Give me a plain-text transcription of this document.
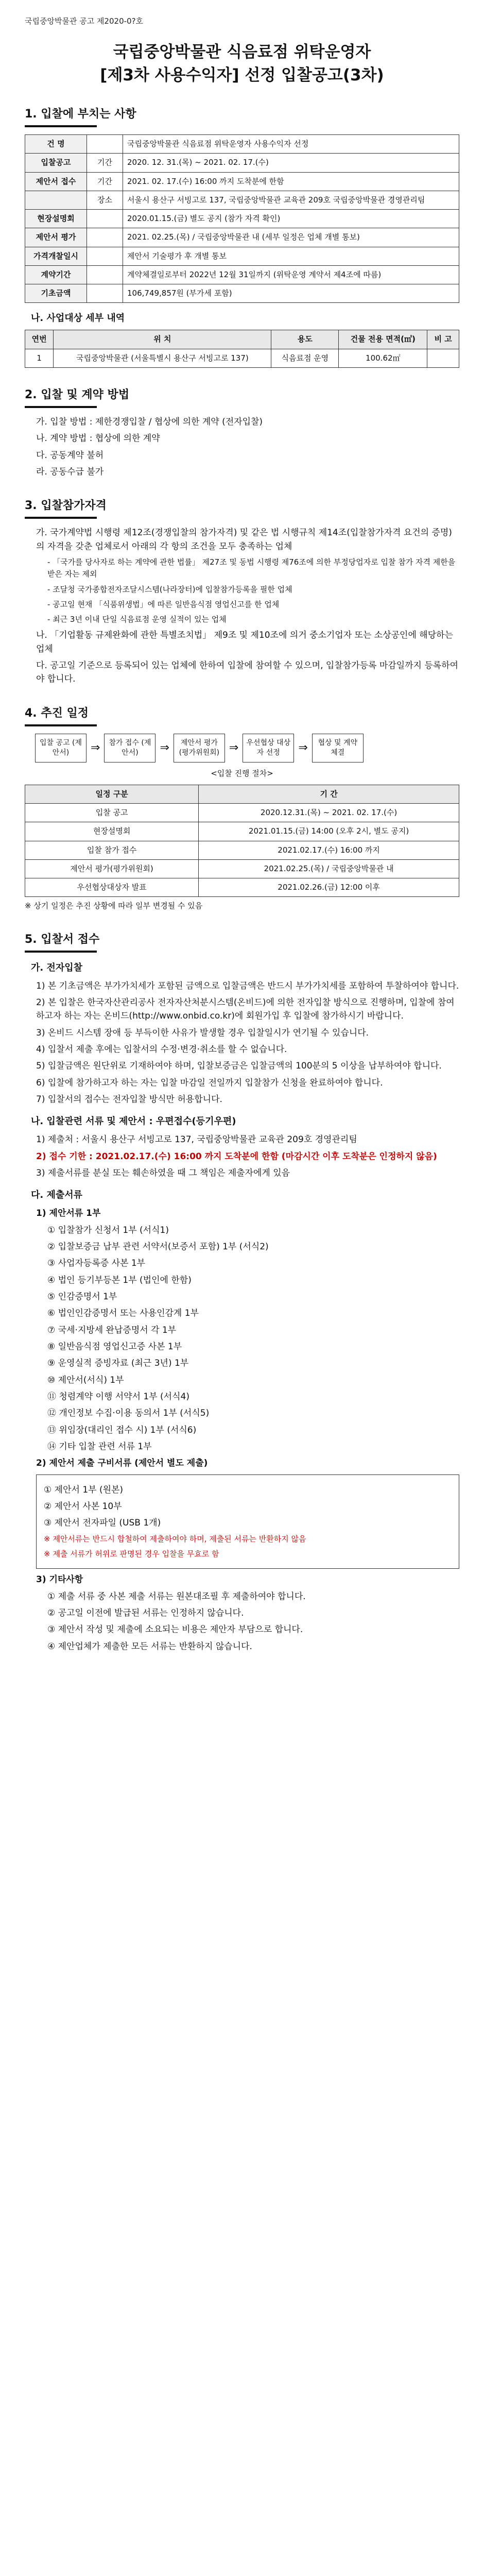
국립중앙박물관 공고 제2020-0?호
국립중앙박물관 식음료점 위탁운영자
[제3차 사용수익자] 선정 입찰공고(3차)
1. 입찰에 부치는 사항
건 명		국립중앙박물관 식음료점 위탁운영자 사용수익자 선정
입찰공고	기간	2020. 12. 31.(목) ~ 2021. 02. 17.(수)
제안서 접수	기간	2021. 02. 17.(수) 16:00 까지 도착분에 한함
	장소	서울시 용산구 서빙고로 137, 국립중앙박물관 교육관 209호 국립중앙박물관 경영관리팀
현장설명회		2020.01.15.(금) 별도 공지 (참가 자격 확인)
제안서 평가		2021. 02.25.(목) / 국립중앙박물관 내 (세부 일정은 업체 개별 통보)
가격개찰일시		제안서 기술평가 후 개별 통보
계약기간		계약체결일로부터 2022년 12월 31일까지 (위탁운영 계약서 제4조에 따름)
기초금액		106,749,857원 (부가세 포함)
나. 사업대상 세부 내역
연번	위 치	용도	건물 전용 면적(㎡)	비 고
1	국립중앙박물관 (서울특별시 용산구 서빙고로 137)	식음료점 운영	100.62㎡	
2. 입찰 및 계약 방법

가. 입찰 방법 : 제한경쟁입찰 / 협상에 의한 계약 (전자입찰)

나. 계약 방법 : 협상에 의한 계약

다. 공동계약 불허

라. 공동수급 불가

3. 입찰참가자격

가. 국가계약법 시행령 제12조(경쟁입찰의 참가자격) 및 같은 법 시행규칙 제14조(입찰참가자격 요건의 증명)의 자격을 갖춘 업체로서 아래의 각 항의 조건을 모두 충족하는 업체

- 「국가를 당사자로 하는 계약에 관한 법률」 제27조 및 동법 시행령 제76조에 의한 부정당업자로 입찰 참가 자격 제한을 받은 자는 제외

- 조달청 국가종합전자조달시스템(나라장터)에 입찰참가등록을 필한 업체

- 공고일 현재 「식품위생법」에 따른 일반음식점 영업신고를 한 업체

- 최근 3년 이내 단일 식음료점 운영 실적이 있는 업체

나. 「기업활동 규제완화에 관한 특별조치법」 제9조 및 제10조에 의거 중소기업자 또는 소상공인에 해당하는 업체

다. 공고일 기준으로 등록되어 있는 업체에 한하여 입찰에 참여할 수 있으며, 입찰참가등록 마감일까지 등록하여야 합니다.

4. 추진 일정
입찰 공고 (제안서)	⇒	참가 접수 (제안서)	⇒	제안서 평가 (평가위원회) ⇒	우선협상 대상자 선정	⇒	협상 및 계약 체결
<입찰 진행 절차>
일정 구분	기 간
입찰 공고	2020.12.31.(목) ~ 2021. 02. 17.(수)
현장설명회	2021.01.15.(금) 14:00 (오후 2시, 별도 공지)
입찰 참가 접수	2021.02.17.(수) 16:00 까지
제안서 평가(평가위원회)	2021.02.25.(목) / 국립중앙박물관 내
우선협상대상자 발표	2021.02.26.(금) 12:00 이후

※ 상기 일정은 추진 상황에 따라 일부 변경될 수 있음

5. 입찰서 접수
가. 전자입찰

1) 본 기초금액은 부가가치세가 포함된 금액으로 입찰금액은 반드시 부가가치세를 포함하여 투찰하여야 합니다.

2) 본 입찰은 한국자산관리공사 전자자산처분시스템(온비드)에 의한 전자입찰 방식으로 진행하며, 입찰에 참여하고자 하는 자는 온비드(http://www.onbid.co.kr)에 회원가입 후 입찰에 참가하시기 바랍니다.

3) 온비드 시스템 장애 등 부득이한 사유가 발생할 경우 입찰일시가 연기될 수 있습니다.

4) 입찰서 제출 후에는 입찰서의 수정·변경·취소를 할 수 없습니다.

5) 입찰금액은 원단위로 기재하여야 하며, 입찰보증금은 입찰금액의 100분의 5 이상을 납부하여야 합니다.

6) 입찰에 참가하고자 하는 자는 입찰 마감일 전일까지 입찰참가 신청을 완료하여야 합니다.

7) 입찰서의 접수는 전자입찰 방식만 허용합니다.

나. 입찰관련 서류 및 제안서 : 우편접수(등기우편)

1) 제출처 : 서울시 용산구 서빙고로 137, 국립중앙박물관 교육관 209호 경영관리팀

2) 접수 기한 : 2021.02.17.(수) 16:00 까지 도착분에 한함 (마감시간 이후 도착분은 인정하지 않음)

3) 제출서류를 분실 또는 훼손하였을 때 그 책임은 제출자에게 있음

다. 제출서류

1) 제안서류 1부

① 입찰참가 신청서 1부 (서식1)

② 입찰보증금 납부 관련 서약서(보증서 포함) 1부 (서식2)

③ 사업자등록증 사본 1부

④ 법인 등기부등본 1부 (법인에 한함)

⑤ 인감증명서 1부

⑥ 법인인감증명서 또는 사용인감계 1부

⑦ 국세·지방세 완납증명서 각 1부

⑧ 일반음식점 영업신고증 사본 1부

⑨ 운영실적 증빙자료 (최근 3년) 1부

⑩ 제안서(서식) 1부

⑪ 청렴계약 이행 서약서 1부 (서식4)

⑫ 개인정보 수집·이용 동의서 1부 (서식5)

⑬ 위임장(대리인 접수 시) 1부 (서식6)

⑭ 기타 입찰 관련 서류 1부

2) 제안서 제출 구비서류 (제안서 별도 제출)

① 제안서 1부 (원본)

② 제안서 사본 10부

③ 제안서 전자파일 (USB 1개)

※ 제안서류는 반드시 합철하여 제출하여야 하며, 제출된 서류는 반환하지 않음

※ 제출 서류가 허위로 판명된 경우 입찰을 무효로 함

3) 기타사항

① 제출 서류 중 사본 제출 서류는 원본대조필 후 제출하여야 합니다.

② 공고일 이전에 발급된 서류는 인정하지 않습니다.

③ 제안서 작성 및 제출에 소요되는 비용은 제안자 부담으로 합니다.

④ 제안업체가 제출한 모든 서류는 반환하지 않습니다.
